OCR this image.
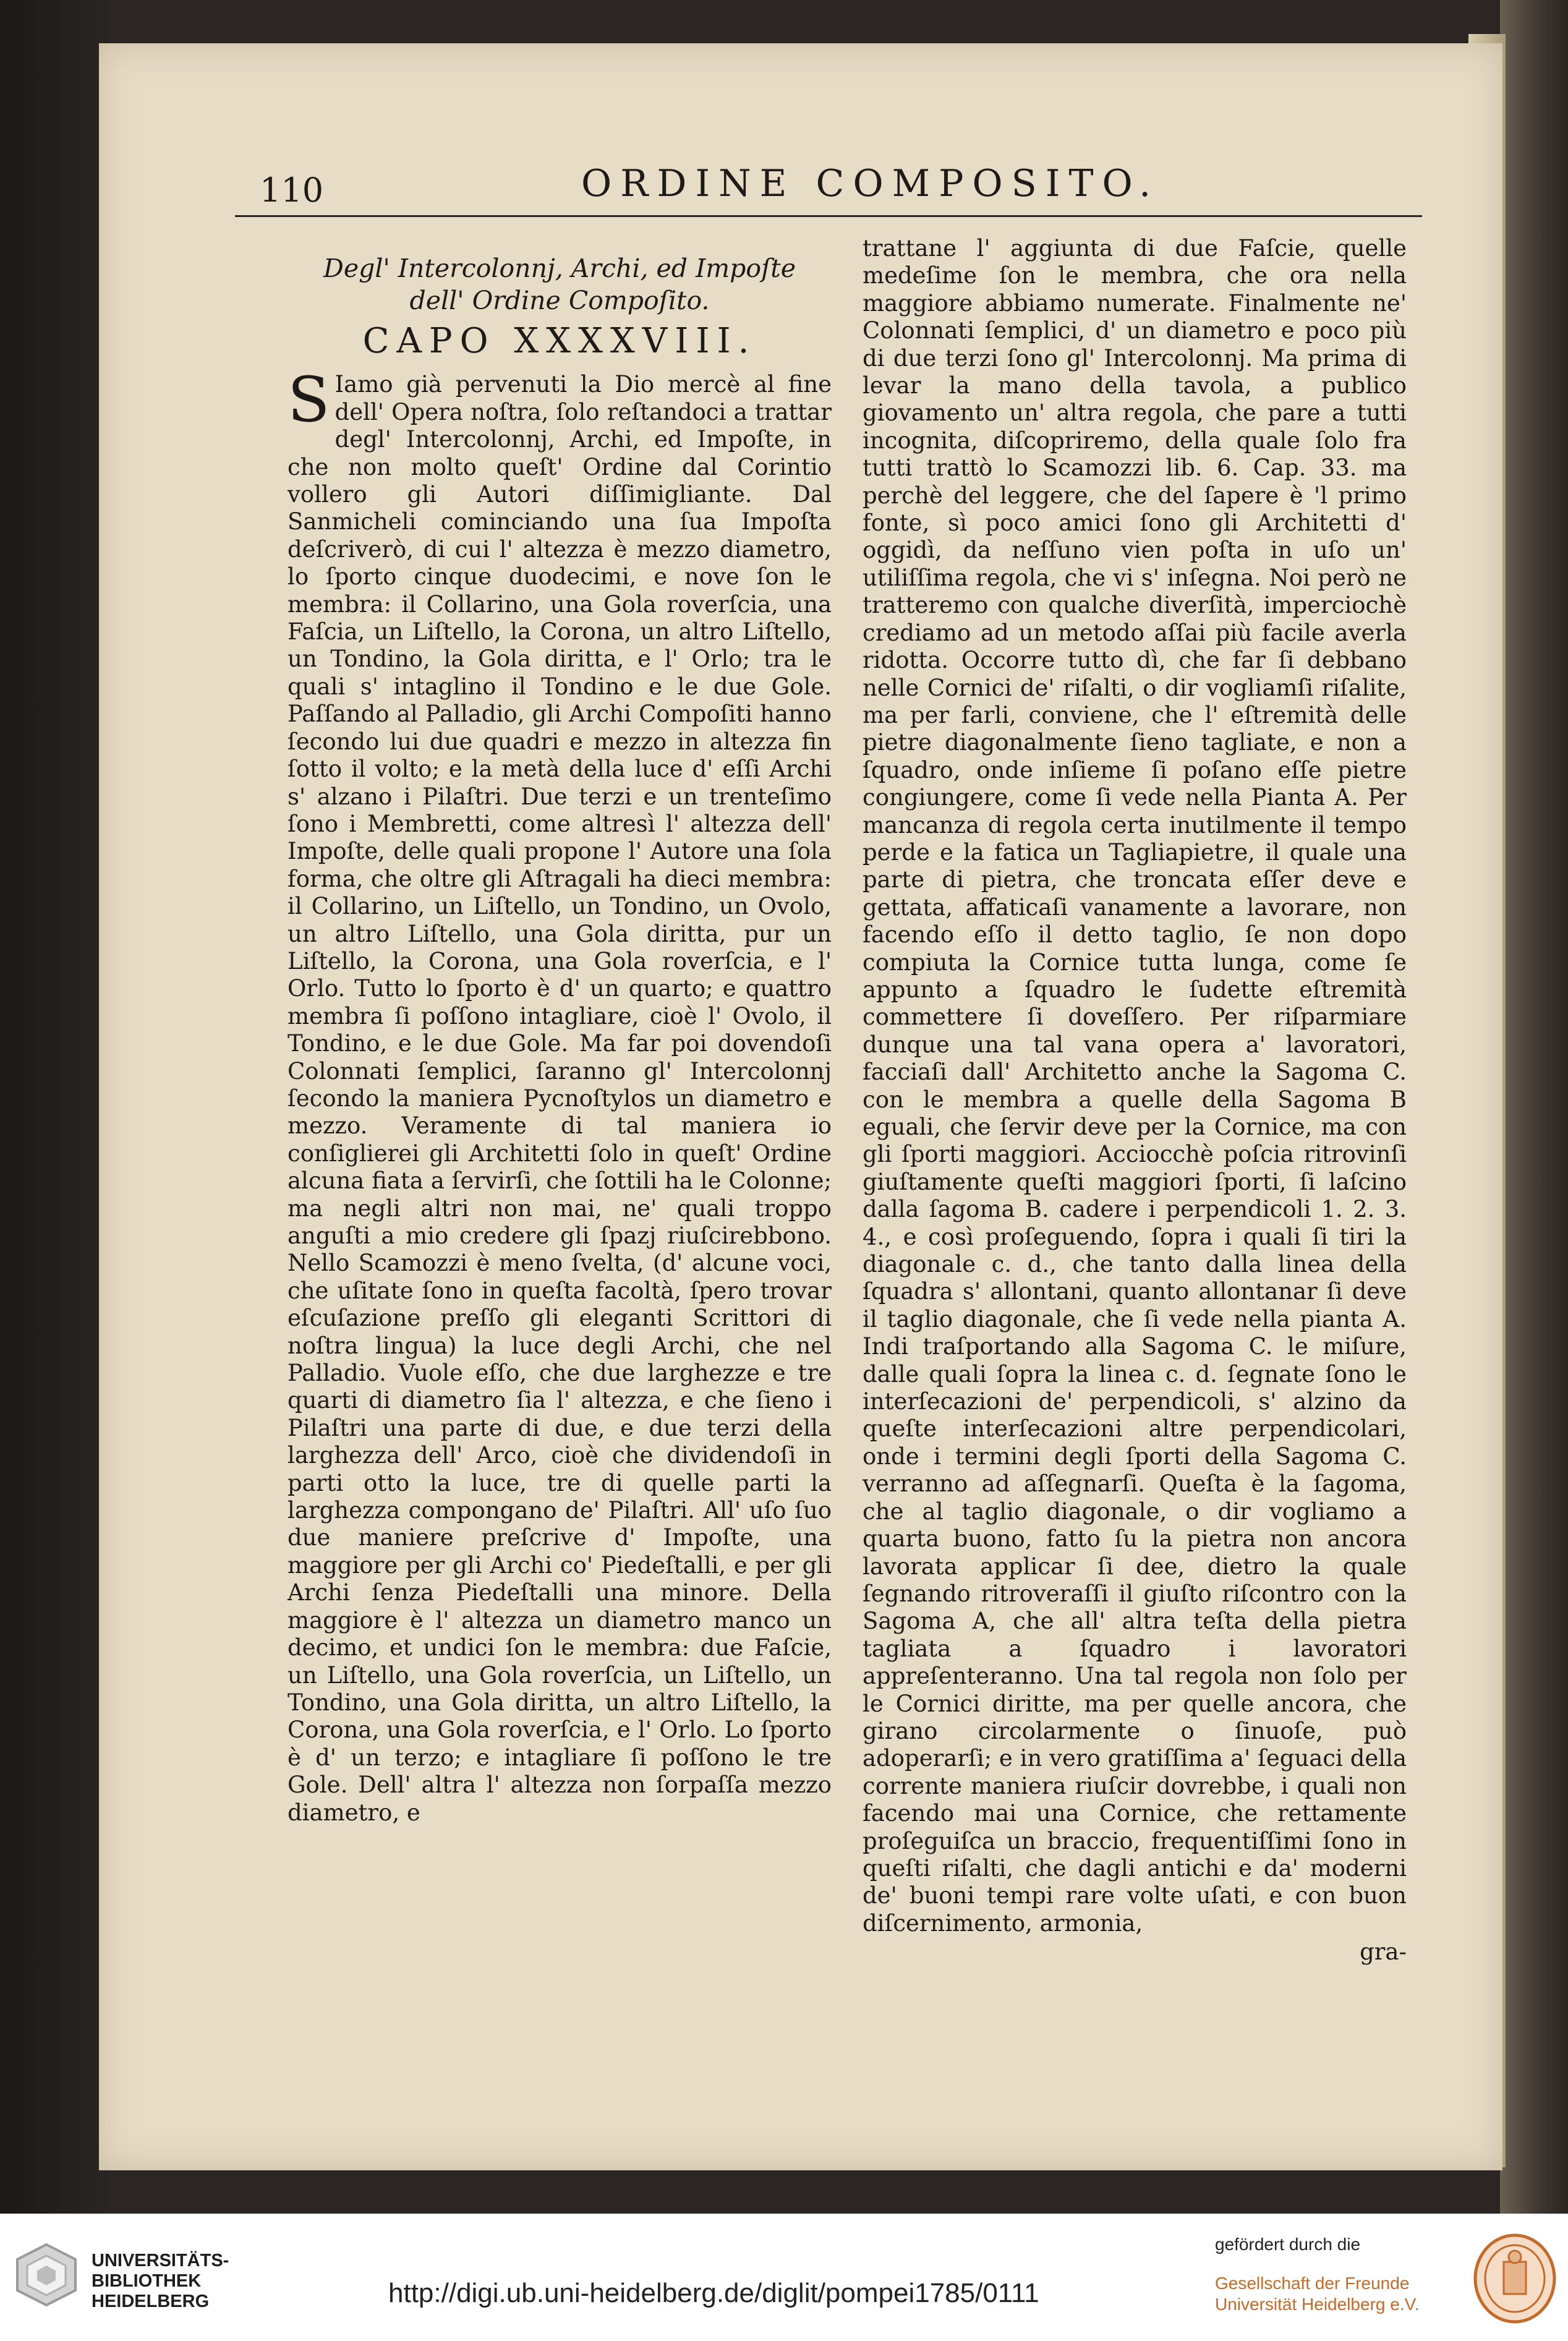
110	ORDINE COMPOSITO.
Degl' Intercolonnj, Archi, ed Impoſte
dell' Ordine Compoſito.
CAPO XXXXVIII.

S Iamo già pervenuti la Dio mercè al fine dell' Opera noſtra, ſolo reſtandoci a trattar degl' Intercolonnj, Archi, ed Impoſte, in che non molto queſt' Ordine dal Corintio vollero gli Autori diſſimigliante. Dal Sanmicheli cominciando una ſua Impoſta deſcriverò, di cui l' altezza è mezzo diametro, lo ſporto cinque duodecimi, e nove ſon le membra: il Collarino, una Gola roverſcia, una Faſcia, un Liſtello, la Corona, un altro Liſtello, un Tondino, la Gola diritta, e l' Orlo; tra le quali s' intaglino il Tondino e le due Gole. Paſſando al Palladio, gli Archi Compoſiti hanno ſecondo lui due quadri e mezzo in altezza fin ſotto il volto; e la metà della luce d' eſſi Archi s' alzano i Pilaſtri. Due terzi e un trenteſimo ſono i Membretti, come altresì l' altezza dell' Impoſte, delle quali propone l' Autore una ſola forma, che oltre gli Aſtragali ha dieci membra: il Collarino, un Liſtello, un Tondino, un Ovolo, un altro Liſtello, una Gola diritta, pur un Liſtello, la Corona, una Gola roverſcia, e l' Orlo. Tutto lo ſporto è d' un quarto; e quattro membra ſi poſſono intagliare, cioè l' Ovolo, il Tondino, e le due Gole. Ma far poi dovendoſi Colonnati ſemplici, ſaranno gl' Intercolonnj ſecondo la maniera Pycnoſtylos un diametro e mezzo. Veramente di tal maniera io conſiglierei gli Architetti ſolo in queſt' Ordine alcuna fiata a ſervirſi, che ſottili ha le Colonne; ma negli altri non mai, ne' quali troppo anguſti a mio credere gli ſpazj riuſcirebbono. Nello Scamozzi è meno ſvelta, (d' alcune voci, che uſitate ſono in queſta facoltà, ſpero trovar eſcuſazione preſſo gli eleganti Scrittori di noſtra lingua) la luce degli Archi, che nel Palladio. Vuole eſſo, che due larghezze e tre quarti di diametro ſia l' altezza, e che ſieno i Pilaſtri una parte di due, e due terzi della larghezza dell' Arco, cioè che dividendoſi in parti otto la luce, tre di quelle parti la larghezza compongano de' Pilaſtri. All' uſo ſuo due maniere preſcrive d' Impoſte, una maggiore per gli Archi co' Piedeſtalli, e per gli Archi ſenza Piedeſtalli una minore. Della maggiore è l' altezza un diametro manco un decimo, et undici ſon le membra: due Faſcie, un Liſtello, una Gola roverſcia, un Liſtello, un Tondino, una Gola diritta, un altro Liſtello, la Corona, una Gola roverſcia, e l' Orlo. Lo ſporto è d' un terzo; e intagliare ſi poſſono le tre Gole. Dell' altra l' altezza non ſorpaſſa mezzo diametro, e

trattane l' aggiunta di due Faſcie, quelle medeſime ſon le membra, che ora nella maggiore abbiamo numerate. Finalmente ne' Colonnati ſemplici, d' un diametro e poco più di due terzi ſono gl' Intercolonnj. Ma prima di levar la mano della tavola, a publico giovamento un' altra regola, che pare a tutti incognita, diſcopriremo, della quale ſolo fra tutti trattò lo Scamozzi lib. 6. Cap. 33. ma perchè del leggere, che del ſapere è 'l primo fonte, sì poco amici ſono gli Architetti d' oggidì, da neſſuno vien poſta in uſo un' utiliſſima regola, che vi s' inſegna. Noi però ne tratteremo con qualche diverſità, imperciochè crediamo ad un metodo aſſai più facile averla ridotta. Occorre tutto dì, che far ſi debbano nelle Cornici de' riſalti, o dir vogliamſi riſalite, ma per farli, conviene, che l' eſtremità delle pietre diagonalmente ſieno tagliate, e non a ſquadro, onde inſieme ſi poſano eſſe pietre congiungere, come ſi vede nella Pianta A. Per mancanza di regola certa inutilmente il tempo perde e la fatica un Tagliapietre, il quale una parte di pietra, che troncata eſſer deve e gettata, affaticaſi vanamente a lavorare, non facendo eſſo il detto taglio, ſe non dopo compiuta la Cornice tutta lunga, come ſe appunto a ſquadro le ſudette eſtremità commettere ſi doveſſero. Per riſparmiare dunque una tal vana opera a' lavoratori, facciaſi dall' Architetto anche la Sagoma C. con le membra a quelle della Sagoma B eguali, che ſervir deve per la Cornice, ma con gli ſporti maggiori. Acciocchè poſcia ritrovinſi giuſtamente queſti maggiori ſporti, ſi laſcino dalla ſagoma B. cadere i perpendicoli 1. 2. 3. 4., e così proſeguendo, ſopra i quali ſi tiri la diagonale c. d., che tanto dalla linea della ſquadra s' allontani, quanto allontanar ſi deve il taglio diagonale, che ſi vede nella pianta A. Indi traſportando alla Sagoma C. le miſure, dalle quali ſopra la linea c. d. ſegnate ſono le interſecazioni de' perpendicoli, s' alzino da queſte interſecazioni altre perpendicolari, onde i termini degli ſporti della Sagoma C. verranno ad aſſegnarſi. Queſta è la ſagoma, che al taglio diagonale, o dir vogliamo a quarta buono, fatto ſu la pietra non ancora lavorata applicar ſi dee, dietro la quale ſegnando ritroveraſſi il giuſto riſcontro con la Sagoma A, che all' altra teſta della pietra tagliata a ſquadro i lavoratori appreſenteranno. Una tal regola non ſolo per le Cornici diritte, ma per quelle ancora, che girano circolarmente o ſinuoſe, può adoperarſi; e in vero gratiſſima a' ſeguaci della corrente maniera riuſcir dovrebbe, i quali non facendo mai una Cornice, che rettamente proſeguiſca un braccio, frequentiſſimi ſono in queſti riſalti, che dagli antichi e da' moderni de' buoni tempi rare volte uſati, e con buon diſcernimento, armonia,

gra-
UNIVERSITÄTS-
BIBLIOTHEK
HEIDELBERG	http://digi.ub.uni-heidelberg.de/diglit/pompei1785/0111
gefördert durch die
Gesellschaft der Freunde
Universität Heidelberg e.V.
